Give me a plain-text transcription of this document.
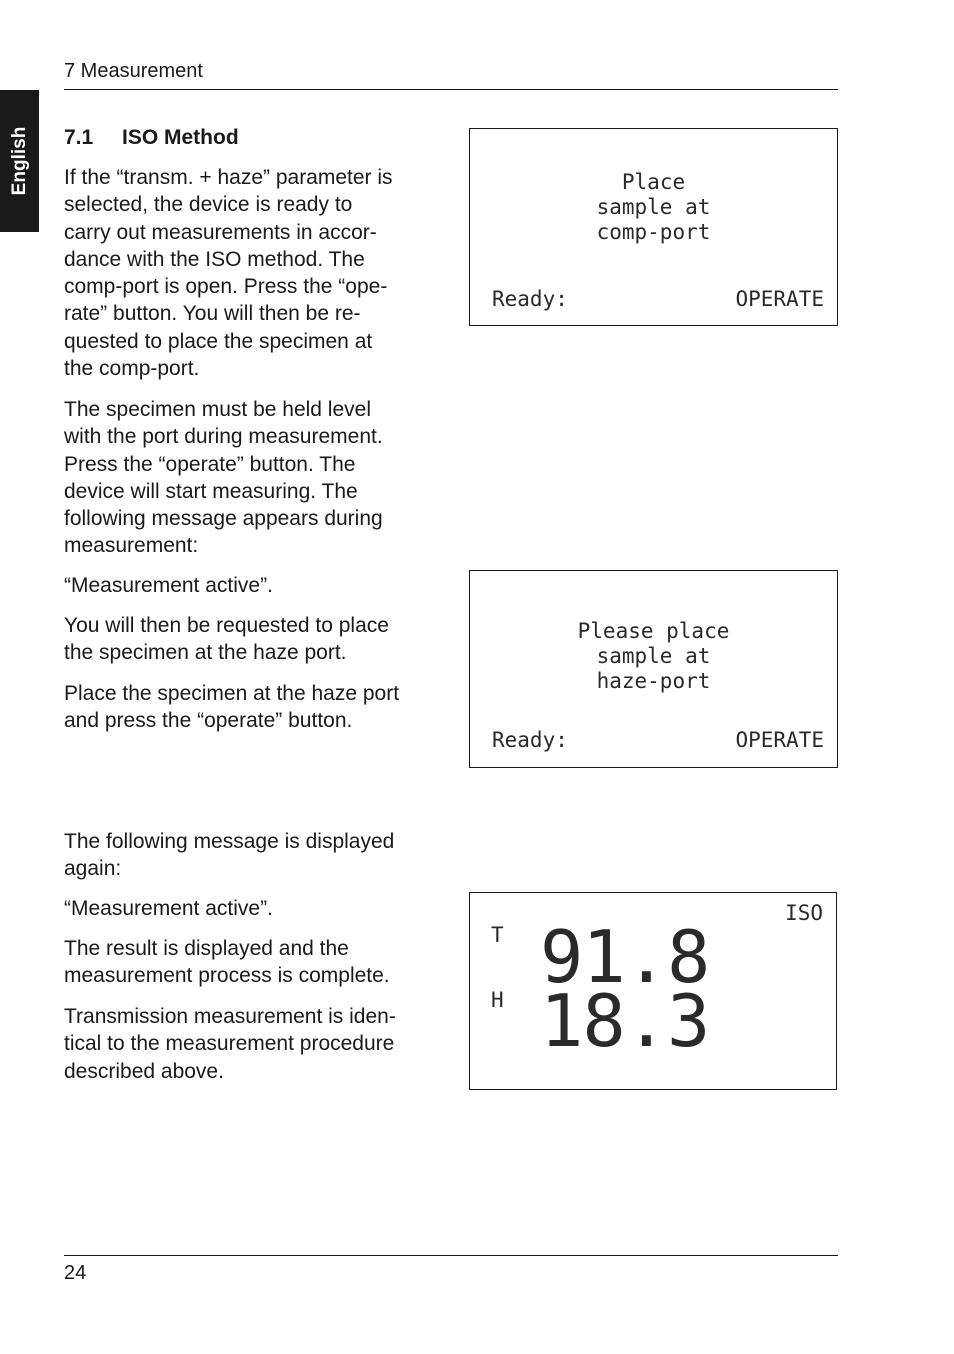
English
7 Measurement
7.1 ISO Method

If the “transm. + haze” parameter is
selected, the device is ready to
carry out measurements in accor-
dance with the ISO method. The
comp-port is open. Press the “ope-
rate” button. You will then be re-
quested to place the specimen at
the comp-port.

The specimen must be held level
with the port during measurement.
Press the “operate” button. The
device will start measuring. The
following message appears during
measurement:

“Measurement active”.

You will then be requested to place
the specimen at the haze port.

Place the specimen at the haze port
and press the “operate” button.

The following message is displayed
again:

“Measurement active”.

The result is displayed and the
measurement process is complete.

Transmission measurement is iden-
tical to the measurement procedure
described above.

Place
sample at
comp-port
Ready:	OPERATE
Please place
sample at
haze-port
Ready:	OPERATE
ISO
T 91.8
H 18.3
24
